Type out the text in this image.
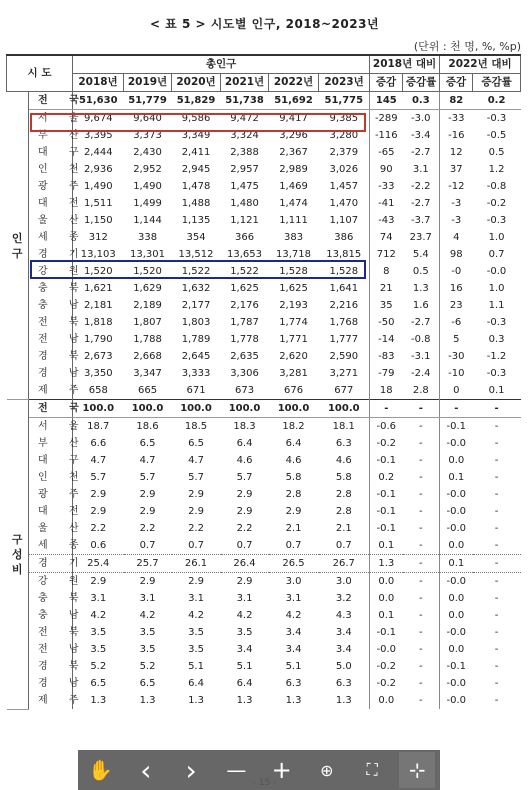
< 표 5 > 시도별 인구, 2018~2023년
(단위 : 천 명, %, %p)
시 도		총인구						2018년 대비		2022년 대비	
		2018년	2019년	2020년	2021년	2022년	2023년	증감	증감률	증감	증감률
인구	전 국	51,630	51,779	51,829	51,738	51,692	51,775	145	0.3	82	0.2
	서 울	9,674	9,640	9,586	9,472	9,417	9,385	-289	-3.0	-33	-0.3
	부 산	3,395	3,373	3,349	3,324	3,296	3,280	-116	-3.4	-16	-0.5
	대 구	2,444	2,430	2,411	2,388	2,367	2,379	-65	-2.7	12	0.5
	인 천	2,936	2,952	2,945	2,957	2,989	3,026	90	3.1	37	1.2
	광 주	1,490	1,490	1,478	1,475	1,469	1,457	-33	-2.2	-12	-0.8
	대 전	1,511	1,499	1,488	1,480	1,474	1,470	-41	-2.7	-3	-0.2
	울 산	1,150	1,144	1,135	1,121	1,111	1,107	-43	-3.7	-3	-0.3
	세 종	312	338	354	366	383	386	74	23.7	4	1.0
	경 기	13,103	13,301	13,512	13,653	13,718	13,815	712	5.4	98	0.7
	강 원	1,520	1,520	1,522	1,522	1,528	1,528	8	0.5	-0	-0.0
	충 북	1,621	1,629	1,632	1,625	1,625	1,641	21	1.3	16	1.0
	충 남	2,181	2,189	2,177	2,176	2,193	2,216	35	1.6	23	1.1
	전 북	1,818	1,807	1,803	1,787	1,774	1,768	-50	-2.7	-6	-0.3
	전 남	1,790	1,788	1,789	1,778	1,771	1,777	-14	-0.8	5	0.3
	경 북	2,673	2,668	2,645	2,635	2,620	2,590	-83	-3.1	-30	-1.2
	경 남	3,350	3,347	3,333	3,306	3,281	3,271	-79	-2.4	-10	-0.3
	제 주	658	665	671	673	676	677	18	2.8	0	0.1
구성비	전 국	100.0	100.0	100.0	100.0	100.0	100.0	-	-	-	-
	서 울	18.7	18.6	18.5	18.3	18.2	18.1	-0.6	-	-0.1	-
	부 산	6.6	6.5	6.5	6.4	6.4	6.3	-0.2	-	-0.0	-
	대 구	4.7	4.7	4.7	4.6	4.6	4.6	-0.1	-	0.0	-
	인 천	5.7	5.7	5.7	5.7	5.8	5.8	0.2	-	0.1	-
	광 주	2.9	2.9	2.9	2.9	2.8	2.8	-0.1	-	-0.0	-
	대 전	2.9	2.9	2.9	2.9	2.9	2.8	-0.1	-	-0.0	-
	울 산	2.2	2.2	2.2	2.2	2.1	2.1	-0.1	-	-0.0	-
	세 종	0.6	0.7	0.7	0.7	0.7	0.7	0.1	-	0.0	-
	경 기	25.4	25.7	26.1	26.4	26.5	26.7	1.3	-	0.1	-
	강 원	2.9	2.9	2.9	2.9	3.0	3.0	0.0	-	-0.0	-
	충 북	3.1	3.1	3.1	3.1	3.1	3.2	0.0	-	0.0	-
	충 남	4.2	4.2	4.2	4.2	4.2	4.3	0.1	-	0.0	-
	전 북	3.5	3.5	3.5	3.5	3.4	3.4	-0.1	-	-0.0	-
	전 남	3.5	3.5	3.5	3.4	3.4	3.4	-0.0	-	0.0	-
	경 북	5.2	5.2	5.1	5.1	5.1	5.0	-0.2	-	-0.1	-
	경 남	6.5	6.5	6.4	6.4	6.3	6.3	-0.2	-	-0.0	-
	제 주	1.3	1.3	1.3	1.3	1.3	1.3	0.0	-	-0.0	-
✋ ‹	›	—	+	⊕	⛶	⊹
- 15 -
